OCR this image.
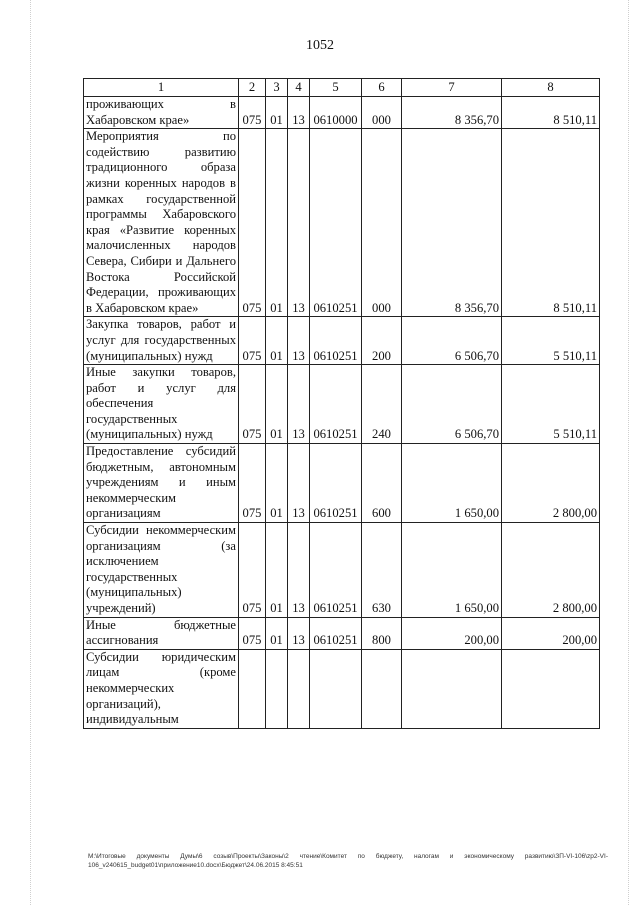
1052
1	2	3	4	5	6	7	8
проживающих в Хабаровском крае»	075	01	13	0610000	000	8 356,70	8 510,11
Мероприятия по содействию развитию традиционного образа жизни коренных народов в рамках государственной программы Хабаровского края «Развитие коренных малочисленных народов Севера, Сибири и Дальнего Востока Российской Федерации, проживающих в Хабаровском крае»	075	01	13	0610251	000	8 356,70	8 510,11
Закупка товаров, работ и услуг для государственных (муниципальных) нужд	075	01	13	0610251	200	6 506,70	5 510,11
Иные закупки товаров, работ и услуг для обеспечения государственных (муниципальных) нужд	075	01	13	0610251	240	6 506,70	5 510,11
Предоставление субсидий бюджетным, автономным учреждениям и иным некоммерческим организациям	075	01	13	0610251	600	1 650,00	2 800,00
Субсидии некоммерческим организациям (за исключением государственных (муниципальных) учреждений)	075	01	13	0610251	630	1 650,00	2 800,00
Иные бюджетные ассигнования	075	01	13	0610251	800	200,00	200,00
Субсидии юридическим лицам (кроме некоммерческих организаций), индивидуальным							
M:\Итоговые документы Думы\6 созыв\Проекты\Законы\2 чтение\Комитет по бюджету, налогам и экономическому развитию\ЗП-VI-106\zp2-VI-106_v240615_budget01\приложение10.docx\Бюджет\24.06.2015 8:45:51
